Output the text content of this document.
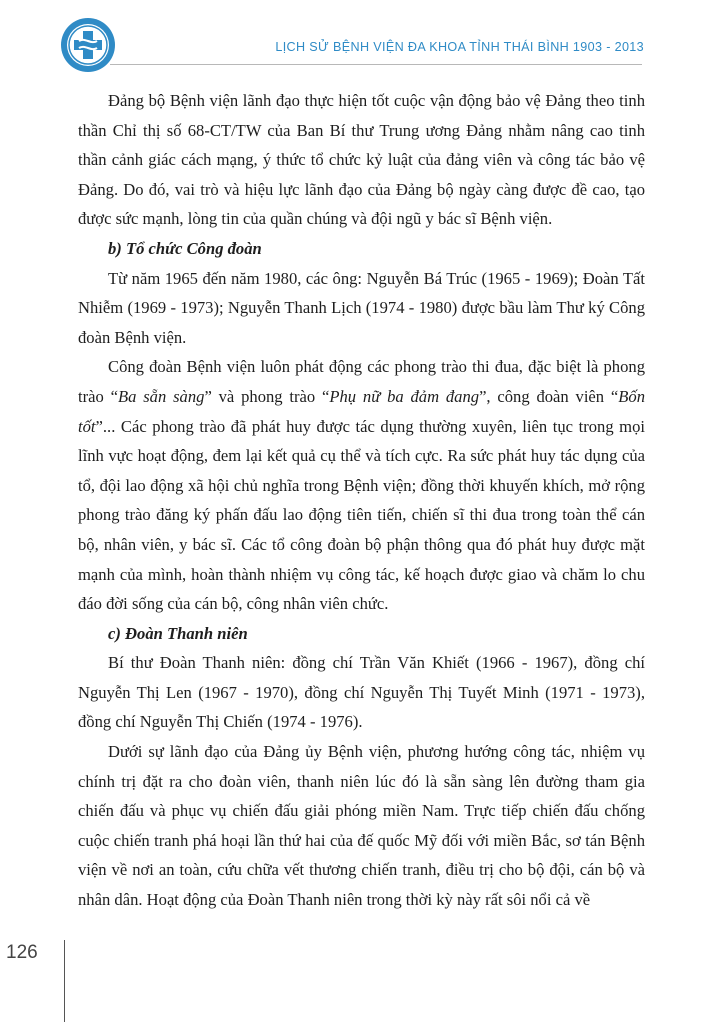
LỊCH SỬ BỆNH VIỆN ĐA KHOA TỈNH THÁI BÌNH 1903 - 2013

Đảng bộ Bệnh viện lãnh đạo thực hiện tốt cuộc vận động bảo vệ Đảng theo tinh thần Chỉ thị số 68-CT/TW của Ban Bí thư Trung ương Đảng nhằm nâng cao tinh thần cảnh giác cách mạng, ý thức tổ chức kỷ luật của đảng viên và công tác bảo vệ Đảng. Do đó, vai trò và hiệu lực lãnh đạo của Đảng bộ ngày càng được đề cao, tạo được sức mạnh, lòng tin của quần chúng và đội ngũ y bác sĩ Bệnh viện.

b) Tổ chức Công đoàn

Từ năm 1965 đến năm 1980, các ông: Nguyễn Bá Trúc (1965 - 1969); Đoàn Tất Nhiễm (1969 - 1973); Nguyễn Thanh Lịch (1974 - 1980) được bầu làm Thư ký Công đoàn Bệnh viện.

Công đoàn Bệnh viện luôn phát động các phong trào thi đua, đặc biệt là phong trào “Ba sẵn sàng” và phong trào “Phụ nữ ba đảm đang”, công đoàn viên “Bốn tốt”... Các phong trào đã phát huy được tác dụng thường xuyên, liên tục trong mọi lĩnh vực hoạt động, đem lại kết quả cụ thể và tích cực. Ra sức phát huy tác dụng của tổ, đội lao động xã hội chủ nghĩa trong Bệnh viện; đồng thời khuyến khích, mở rộng phong trào đăng ký phấn đấu lao động tiên tiến, chiến sĩ thi đua trong toàn thể cán bộ, nhân viên, y bác sĩ. Các tổ công đoàn bộ phận thông qua đó phát huy được mặt mạnh của mình, hoàn thành nhiệm vụ công tác, kế hoạch được giao và chăm lo chu đáo đời sống của cán bộ, công nhân viên chức.

c) Đoàn Thanh niên

Bí thư Đoàn Thanh niên: đồng chí Trần Văn Khiết (1966 - 1967), đồng chí Nguyễn Thị Len (1967 - 1970), đồng chí Nguyễn Thị Tuyết Minh (1971 - 1973), đồng chí Nguyễn Thị Chiến (1974 - 1976).

Dưới sự lãnh đạo của Đảng ủy Bệnh viện, phương hướng công tác, nhiệm vụ chính trị đặt ra cho đoàn viên, thanh niên lúc đó là sẵn sàng lên đường tham gia chiến đấu và phục vụ chiến đấu giải phóng miền Nam. Trực tiếp chiến đấu chống cuộc chiến tranh phá hoại lần thứ hai của đế quốc Mỹ đối với miền Bắc, sơ tán Bệnh viện về nơi an toàn, cứu chữa vết thương chiến tranh, điều trị cho bộ đội, cán bộ và nhân dân. Hoạt động của Đoàn Thanh niên trong thời kỳ này rất sôi nổi cả về

126
